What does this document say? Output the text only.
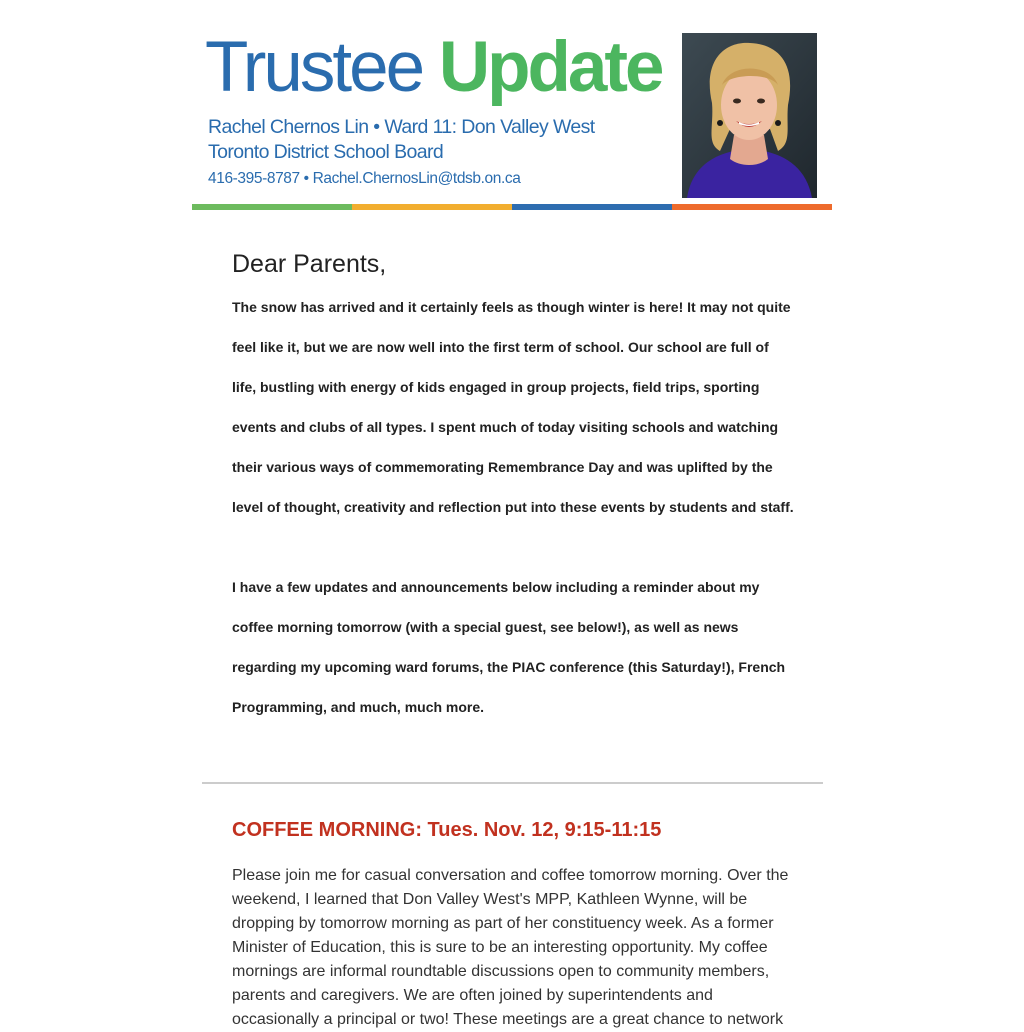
Trustee Update
Rachel Chernos Lin • Ward 11: Don Valley West
Toronto District School Board
416-395-8787 • Rachel.ChernosLin@tdsb.on.ca
Dear Parents,

The snow has arrived and it certainly feels as though winter is here! It may not quite feel like it, but we are now well into the first term of school. Our school are full of life, bustling with energy of kids engaged in group projects, field trips, sporting events and clubs of all types. I spent much of today visiting schools and watching their various ways of commemorating Remembrance Day and was uplifted by the level of thought, creativity and reflection put into these events by students and staff.

I have a few updates and announcements below including a reminder about my coffee morning tomorrow (with a special guest, see below!), as well as news regarding my upcoming ward forums, the PIAC conference (this Saturday!), French Programming, and much, much more.

COFFEE MORNING: Tues. Nov. 12, 9:15-11:15

Please join me for casual conversation and coffee tomorrow morning. Over the weekend, I learned that Don Valley West's MPP, Kathleen Wynne, will be dropping by tomorrow morning as part of her constituency week. As a former Minister of Education, this is sure to be an interesting opportunity. My coffee mornings are informal roundtable discussions open to community members, parents and caregivers. We are often joined by superintendents and occasionally a principal or two! These meetings are a great chance to network
